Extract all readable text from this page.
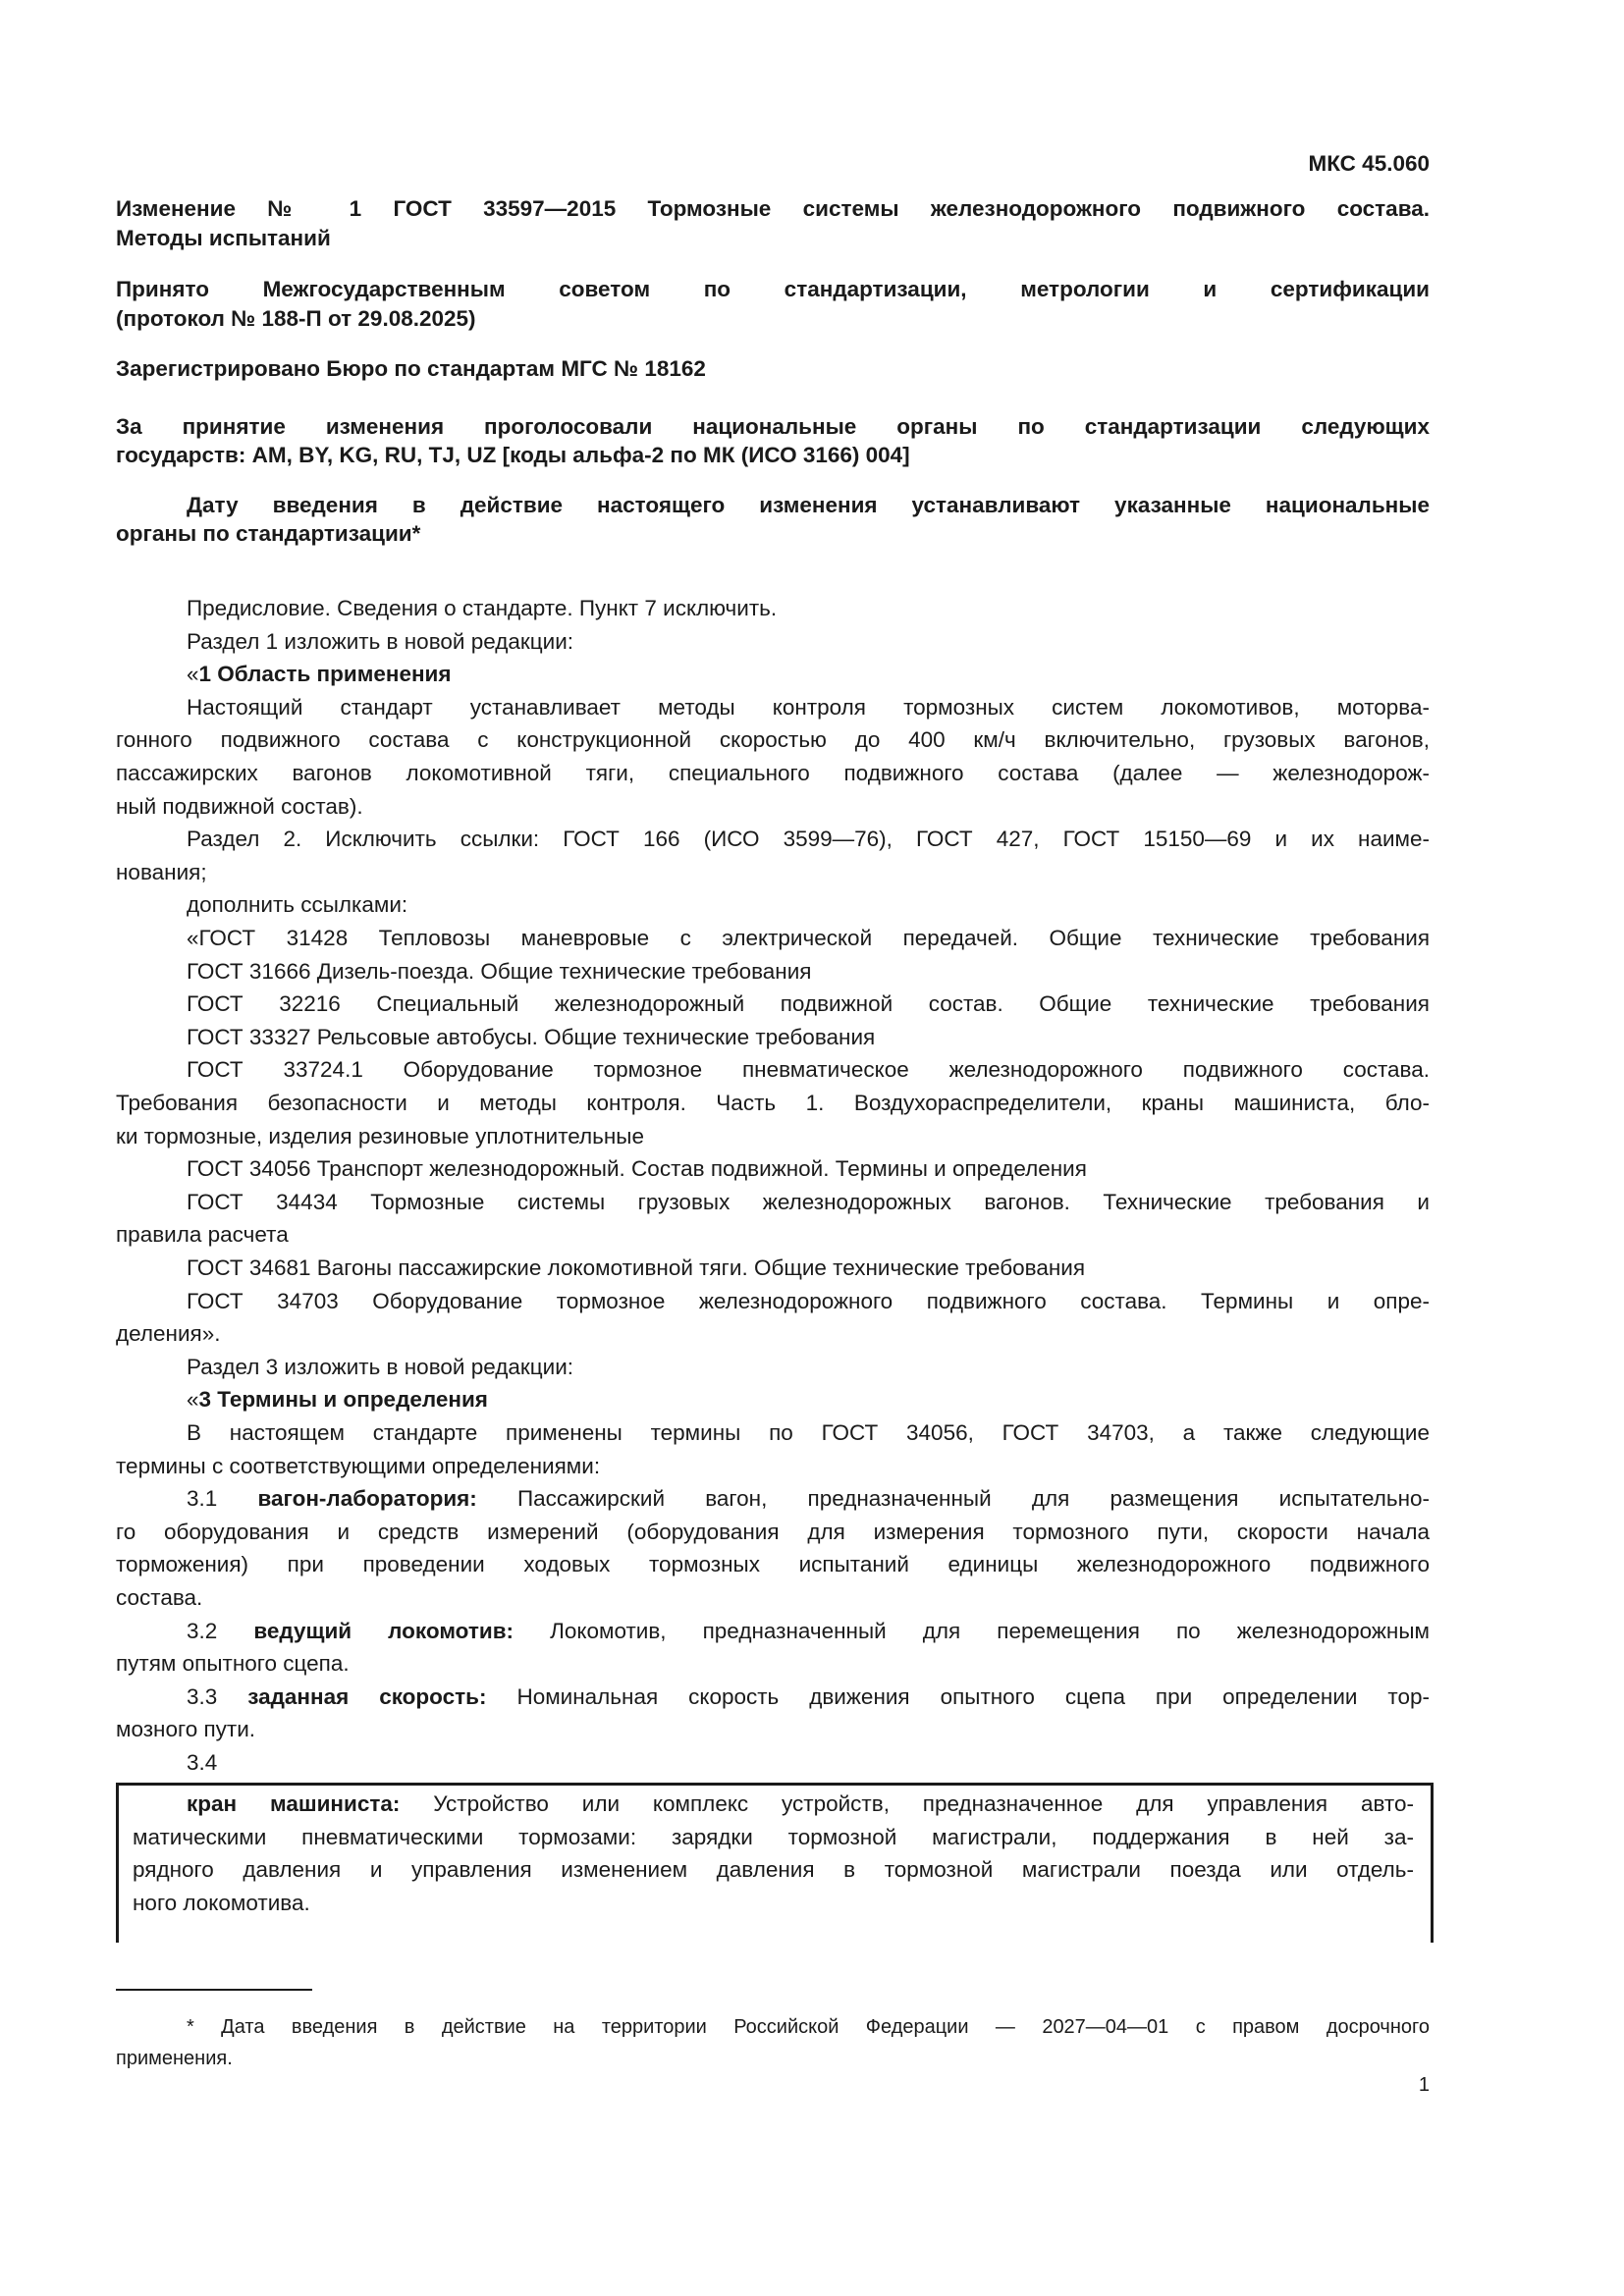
МКС 45.060
Изменение № 1 ГОСТ 33597—2015 Тормозные системы железнодорожного подвижного состава.
Методы испытаний
Принято Межгосударственным советом по стандартизации, метрологии и сертификации
(протокол № 188-П от 29.08.2025)
Зарегистрировано Бюро по стандартам МГС № 18162
За принятие изменения проголосовали национальные органы по стандартизации следующих
государств: AM, BY, KG, RU, TJ, UZ [коды альфа-2 по МК (ИСО 3166) 004]
Дату введения в действие настоящего изменения устанавливают указанные национальные
органы по стандартизации*
Предисловие. Сведения о стандарте. Пункт 7 исключить.
Раздел 1 изложить в новой редакции:
«1 Область применения
Настоящий стандарт устанавливает методы контроля тормозных систем локомотивов, моторва-
гонного подвижного состава с конструкционной скоростью до 400 км/ч включительно, грузовых вагонов,
пассажирских вагонов локомотивной тяги, специального подвижного состава (далее — железнодорож-
ный подвижной состав).
Раздел 2. Исключить ссылки: ГОСТ 166 (ИСО 3599—76), ГОСТ 427, ГОСТ 15150—69 и их наиме-
нования;
дополнить ссылками:
«ГОСТ 31428 Тепловозы маневровые с электрической передачей. Общие технические требования
ГОСТ 31666 Дизель-поезда. Общие технические требования
ГОСТ 32216 Специальный железнодорожный подвижной состав. Общие технические требования
ГОСТ 33327 Рельсовые автобусы. Общие технические требования
ГОСТ 33724.1 Оборудование тормозное пневматическое железнодорожного подвижного состава.
Требования безопасности и методы контроля. Часть 1. Воздухораспределители, краны машиниста, бло-
ки тормозные, изделия резиновые уплотнительные
ГОСТ 34056 Транспорт железнодорожный. Состав подвижной. Термины и определения
ГОСТ 34434 Тормозные системы грузовых железнодорожных вагонов. Технические требования и
правила расчета
ГОСТ 34681 Вагоны пассажирские локомотивной тяги. Общие технические требования
ГОСТ 34703 Оборудование тормозное железнодорожного подвижного состава. Термины и опре-
деления».
Раздел 3 изложить в новой редакции:
«3 Термины и определения
В настоящем стандарте применены термины по ГОСТ 34056, ГОСТ 34703, а также следующие
термины с соответствующими определениями:
3.1 вагон-лаборатория: Пассажирский вагон, предназначенный для размещения испытательно-
го оборудования и средств измерений (оборудования для измерения тормозного пути, скорости начала
торможения) при проведении ходовых тормозных испытаний единицы железнодорожного подвижного
состава.
3.2 ведущий локомотив: Локомотив, предназначенный для перемещения по железнодорожным
путям опытного сцепа.
3.3 заданная скорость: Номинальная скорость движения опытного сцепа при определении тор-
мозного пути.
3.4
кран машиниста: Устройство или комплекс устройств, предназначенное для управления авто-
матическими пневматическими тормозами: зарядки тормозной магистрали, поддержания в ней за-
рядного давления и управления изменением давления в тормозной магистрали поезда или отдель-
ного локомотива.
* Дата введения в действие на территории Российской Федерации — 2027—04—01 с правом досрочного
применения.
1
